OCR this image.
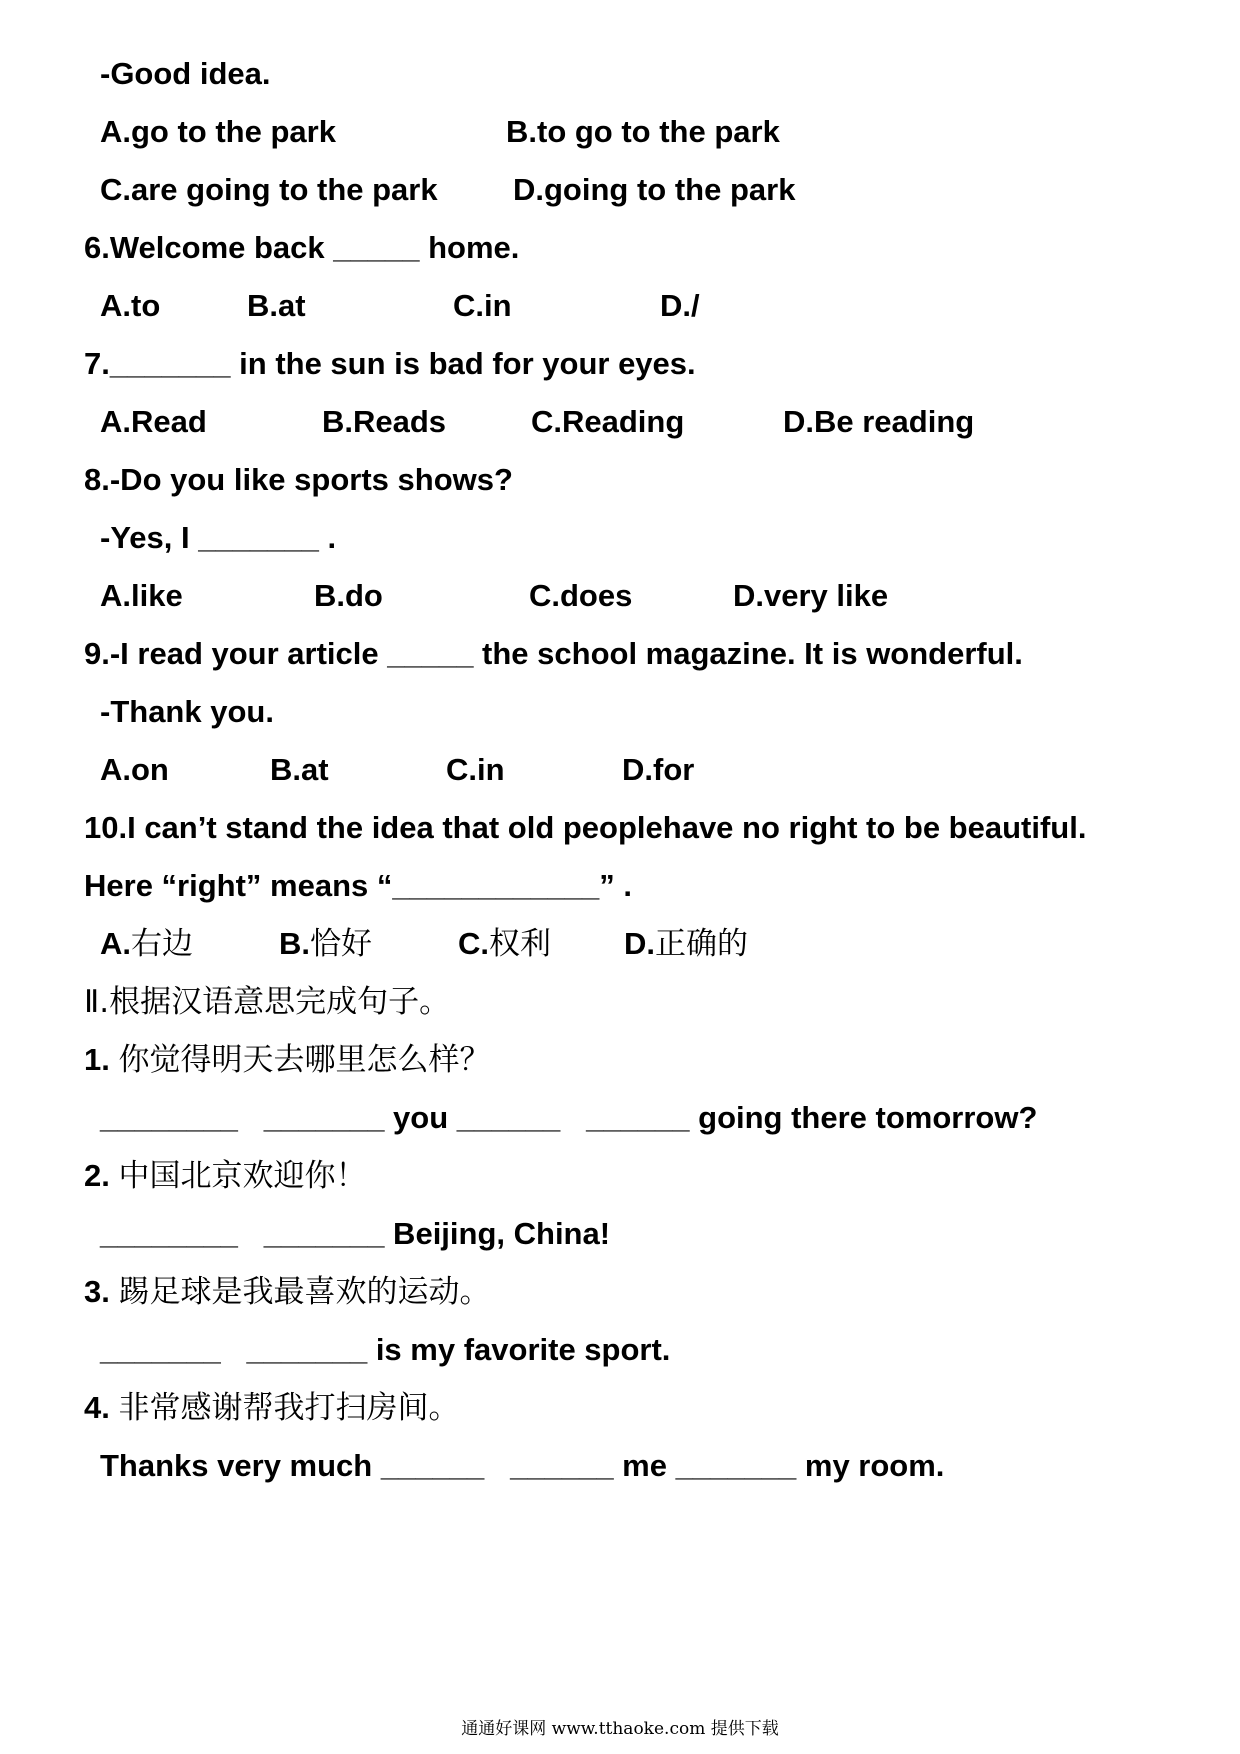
-Good idea.
A.go to the park	B.to go to the park
C.are going to the park D.going to the park
6.Welcome back _____ home.
A.to	B.at	C.in	D./
7._______ in the sun is bad for your eyes.
A.Read	B.Reads	C.Reading	D.Be reading
8.-Do you like sports shows?
-Yes, I _______ .
A.like	B.do	C.does	D.very like
9.-I read your article _____ the school magazine. It is wonderful.
-Thank you.
A.on	B.at	C.in	D.for
10.I can’t stand the idea that old peoplehave no right to be beautiful.
Here “right” means “____________” .
A.右边	B.恰好	C.权利 D.正确的
Ⅱ.根据汉语意思完成句子。
1. 你觉得明天去哪里怎么样？
________   _______ you ______   ______ going there tomorrow?
2. 中国北京欢迎你！
________   _______ Beijing, China!
3. 踢足球是我最喜欢的运动。
_______   _______ is my favorite sport.
4. 非常感谢帮我打扫房间。
Thanks very much ______   ______ me _______ my room.
通通好课网 www.tthaoke.com 提供下载
